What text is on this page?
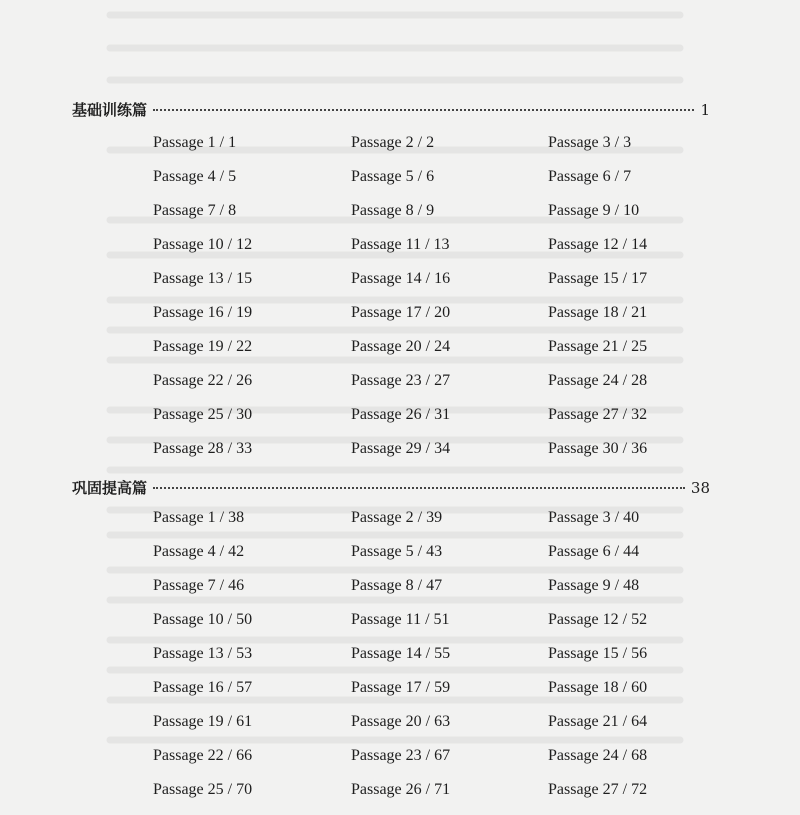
基础训练篇	1
Passage 1 / 1	Passage 2 / 2	Passage 3 / 3
Passage 4 / 5	Passage 5 / 6	Passage 6 / 7
Passage 7 / 8	Passage 8 / 9	Passage 9 / 10
Passage 10 / 12	Passage 11 / 13	Passage 12 / 14
Passage 13 / 15	Passage 14 / 16	Passage 15 / 17
Passage 16 / 19	Passage 17 / 20	Passage 18 / 21
Passage 19 / 22	Passage 20 / 24	Passage 21 / 25
Passage 22 / 26	Passage 23 / 27	Passage 24 / 28
Passage 25 / 30	Passage 26 / 31	Passage 27 / 32
Passage 28 / 33	Passage 29 / 34	Passage 30 / 36
巩固提高篇	38
Passage 1 / 38	Passage 2 / 39	Passage 3 / 40
Passage 4 / 42	Passage 5 / 43	Passage 6 / 44
Passage 7 / 46	Passage 8 / 47	Passage 9 / 48
Passage 10 / 50	Passage 11 / 51	Passage 12 / 52
Passage 13 / 53	Passage 14 / 55	Passage 15 / 56
Passage 16 / 57	Passage 17 / 59	Passage 18 / 60
Passage 19 / 61	Passage 20 / 63	Passage 21 / 64
Passage 22 / 66	Passage 23 / 67	Passage 24 / 68
Passage 25 / 70	Passage 26 / 71	Passage 27 / 72
